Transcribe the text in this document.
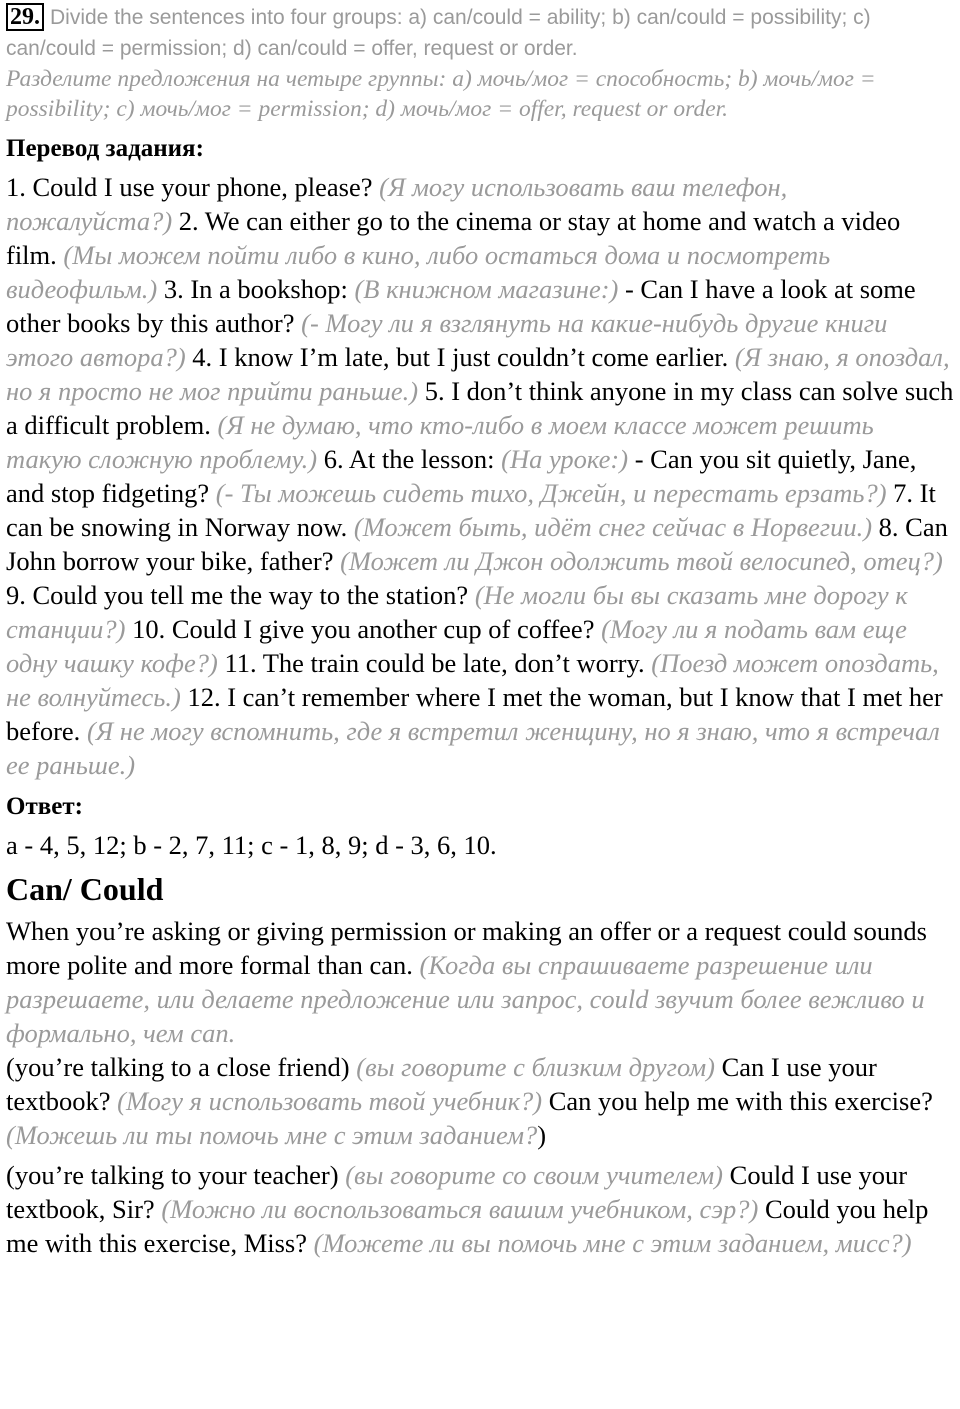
29. Divide the sentences into four groups: a) can/could = ability; b) can/could = possibility; c) can/could = permission; d) can/could = offer, request or order.
Разделите предложения на четыре группы: a) мочь/мог = способность; b) мочь/мог = possibility; c) мочь/мог = permission; d) мочь/мог = offer, request or order.
Перевод задания:

1. Could I use your phone, please? (Я могу использовать ваш телефон, пожалуйста?) 2. We can either go to the cinema or stay at home and watch a video film. (Мы можем пойти либо в кино, либо остаться дома и посмотреть видеофильм.) 3. In a bookshop: (В книжном магазине:) - Can I have a look at some other books by this author? (- Могу ли я взглянуть на какие-нибудь другие книги этого автора?) 4. I know I’m late, but I just couldn’t come earlier. (Я знаю, я опоздал, но я просто не мог прийти раньше.) 5. I don’t think anyone in my class can solve such a difficult problem. (Я не думаю, что кто-либо в моем классе может решить такую сложную проблему.) 6. At the lesson: (На уроке:) - Can you sit quietly, Jane, and stop fidgeting? (- Ты можешь сидеть тихо, Джейн, и перестать ерзать?) 7. It can be snowing in Norway now. (Может быть, идёт снег сейчас в Норвегии.) 8. Can John borrow your bike, father? (Может ли Джон одолжить твой велосипед, отец?) 9. Could you tell me the way to the station? (Не могли бы вы сказать мне дорогу к станции?) 10. Could I give you another cup of coffee? (Могу ли я подать вам еще одну чашку кофе?) 11. The train could be late, don’t worry. (Поезд может опоздать, не волнуйтесь.) 12. I can’t remember where I met the woman, but I know that I met her before. (Я не могу вспомнить, где я встретил женщину, но я знаю, что я встречал ее раньше.)

Ответ:

a - 4, 5, 12; b - 2, 7, 11; c - 1, 8, 9; d - 3, 6, 10.

Can/ Could

When you’re asking or giving permission or making an offer or a request could sounds more polite and more formal than can. (Когда вы спрашиваете разрешение или разрешаете, или делаете предложение или запрос, could звучит более вежливо и формально, чем can.
(you’re talking to a close friend) (вы говорите с близким другом) Can I use your textbook? (Могу я использовать твой учебник?) Can you help me with this exercise? (Можешь ли ты помочь мне с этим заданием?)

(you’re talking to your teacher) (вы говорите со своим учителем) Could I use your textbook, Sir? (Можно ли воспользоваться вашим учебником, сэр?) Could you help me with this exercise, Miss? (Можете ли вы помочь мне с этим заданием, мисс?)
